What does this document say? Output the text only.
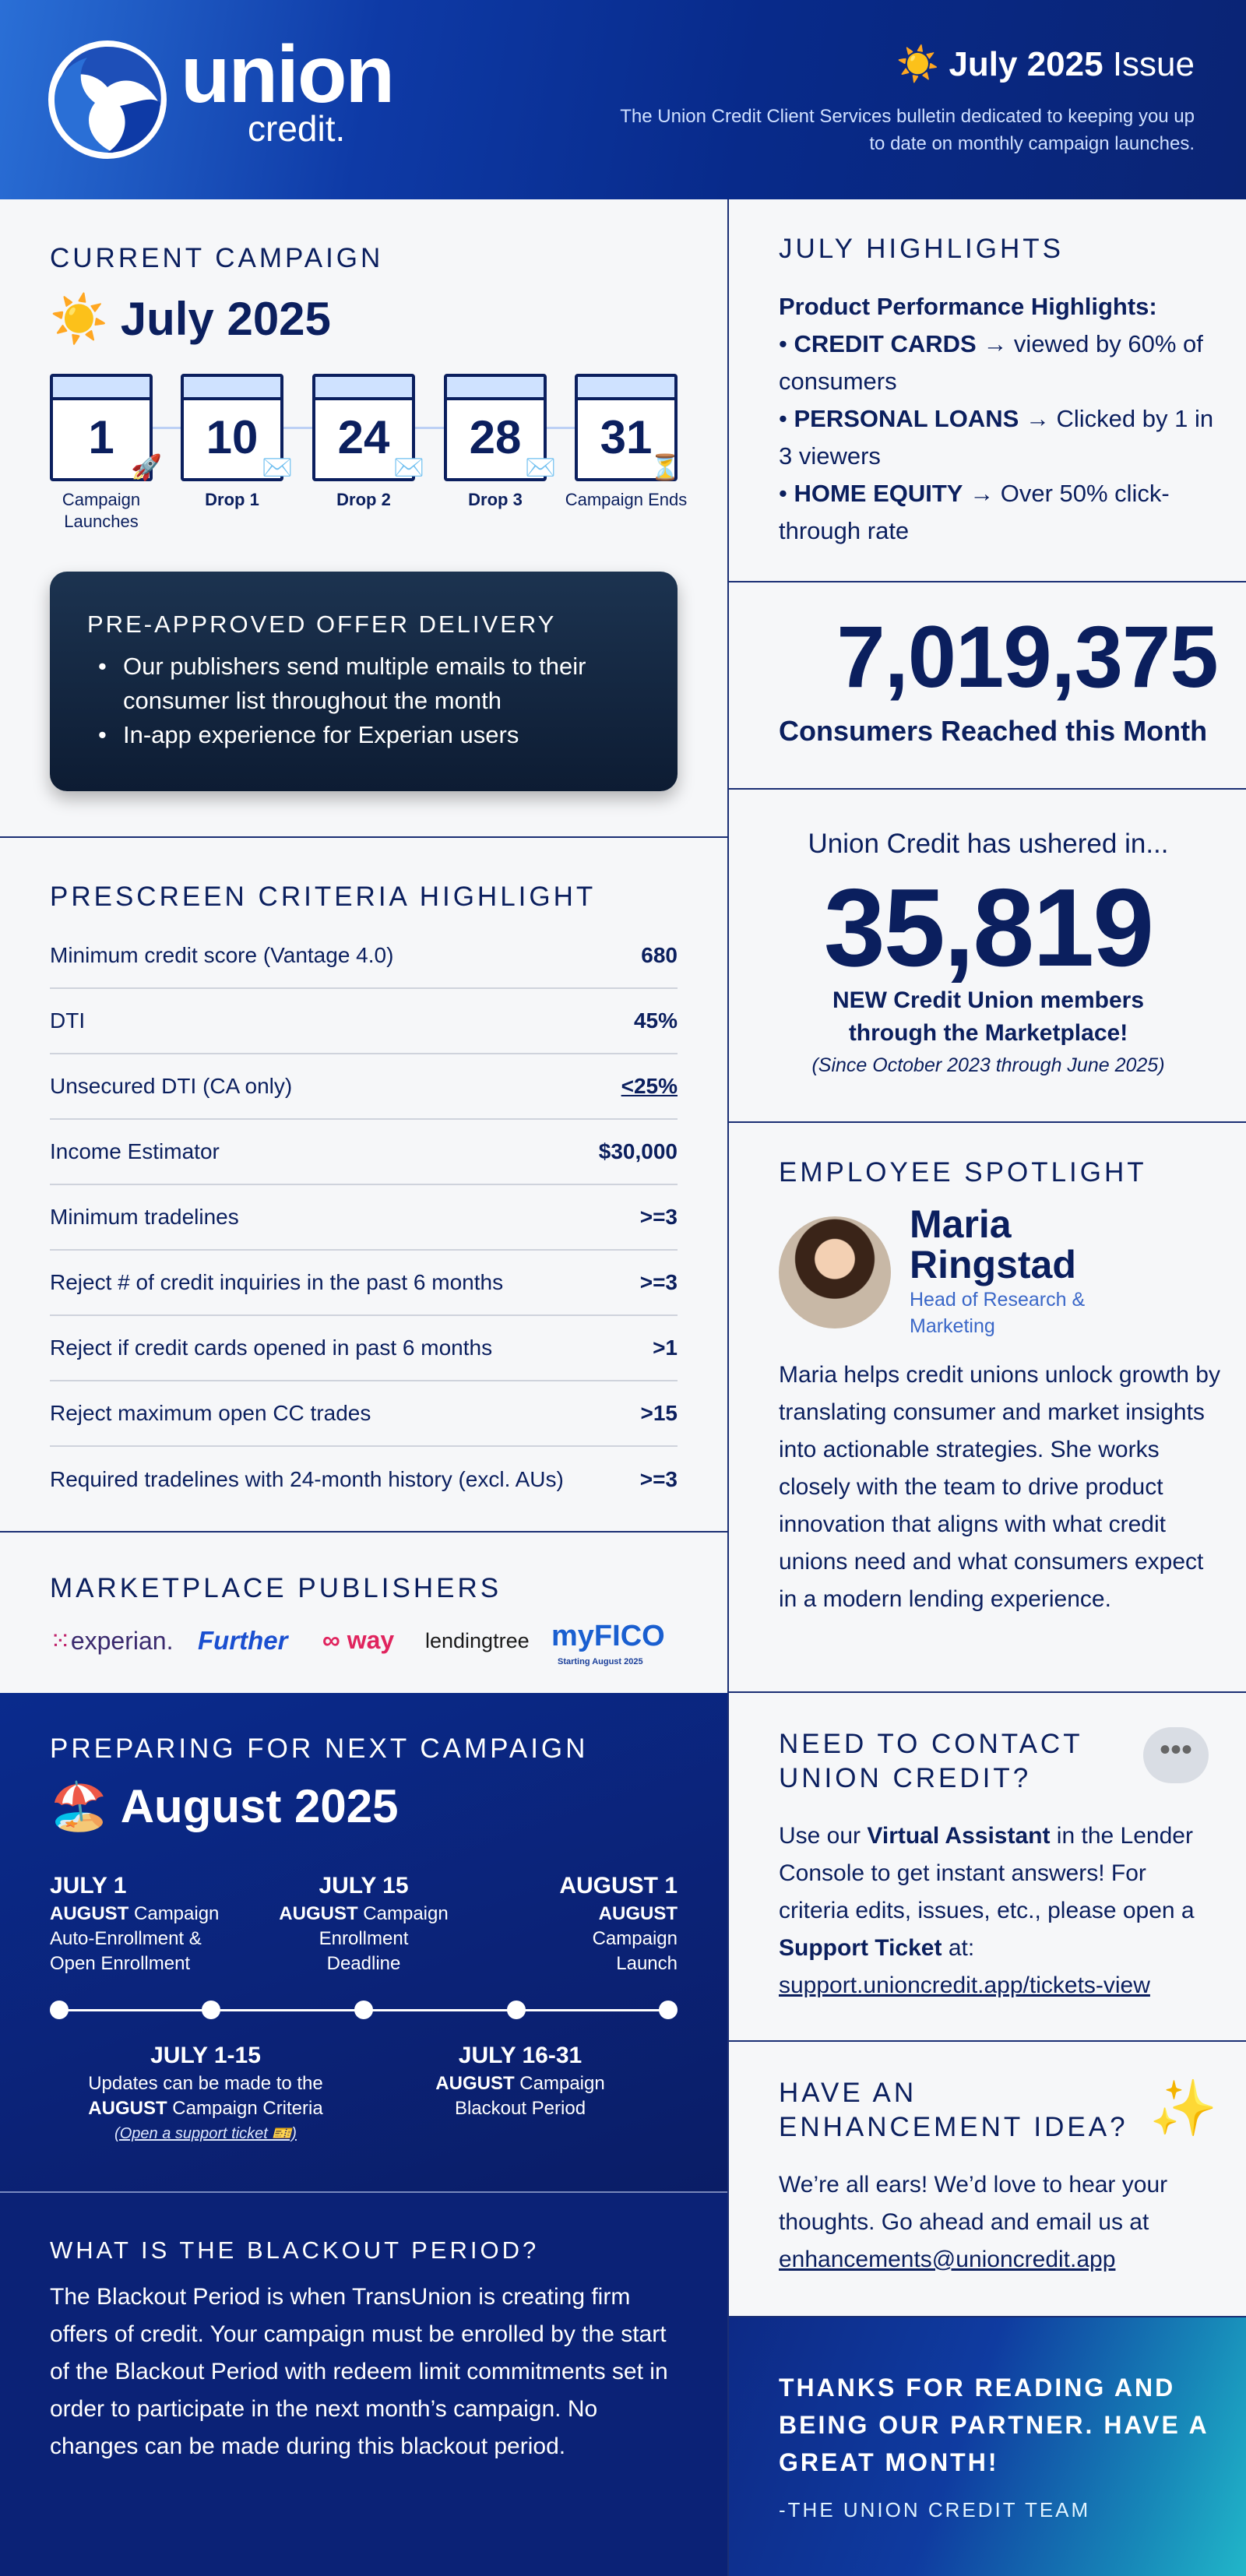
union
credit.
☀️ July 2025 Issue
The Union Credit Client Services bulletin dedicated to keeping you up to date on monthly campaign launches.
CURRENT CAMPAIGN
☀️ July 2025
1
🚀
Campaign Launches
10
✉️
Drop 1
24
✉️
Drop 2
28
✉️
Drop 3
31
⏳
Campaign Ends
PRE-APPROVED OFFER DELIVERY
• Our publishers send multiple emails to their consumer list throughout the month
• In-app experience for Experian users
PRESCREEN CRITERIA HIGHLIGHT
Minimum credit score (Vantage 4.0)	680
DTI	45%
Unsecured DTI (CA only)	<25%
Income Estimator	$30,000
Minimum tradelines	>=3
Reject # of credit inquiries in the past 6 months	>=3
Reject if credit cards opened in past 6 months	>1
Reject maximum open CC trades	>15
Required tradelines with 24-month history (excl. AUs)	>=3
MARKETPLACE PUBLISHERS
⁙experian. Further ∞ way lendingtree myFICO
Starting August 2025
JULY HIGHLIGHTS
Product Performance Highlights:
• CREDIT CARDS → viewed by 60% of consumers
• PERSONAL LOANS → Clicked by 1 in 3 viewers
• HOME EQUITY → Over 50% click-through rate
7,019,375
Consumers Reached this Month
Union Credit has ushered in...
35,819
NEW Credit Union members
through the Marketplace!
(Since October 2023 through June 2025)
EMPLOYEE SPOTLIGHT
Maria
Ringstad
Head of Research & Marketing
Maria helps credit unions unlock growth by translating consumer and market insights into actionable strategies. She works closely with the team to drive product innovation that aligns with what credit unions need and what consumers expect in a modern lending experience.
PREPARING FOR NEXT CAMPAIGN
🏖️ August 2025
JULY 1
AUGUST Campaign
Auto-Enrollment &
Open Enrollment
JULY 15
AUGUST Campaign
Enrollment
Deadline
AUGUST 1
AUGUST
Campaign
Launch
JULY 1-15
Updates can be made to the
AUGUST Campaign Criteria
(Open a support ticket 🎫)
JULY 16-31
AUGUST Campaign
Blackout Period
NEED TO CONTACT
UNION CREDIT?
•••
Use our Virtual Assistant in the Lender Console to get instant answers! For criteria edits, issues, etc., please open a Support Ticket at:
support.unioncredit.app/tickets-view
WHAT IS THE BLACKOUT PERIOD?
The Blackout Period is when TransUnion is creating firm offers of credit. Your campaign must be enrolled by the start of the Blackout Period with redeem limit commitments set in order to participate in the next month’s campaign. No changes can be made during this blackout period.
HAVE AN
ENHANCEMENT IDEA? ✨
We’re all ears! We’d love to hear your thoughts. Go ahead and email us at
enhancements@unioncredit.app
THANKS FOR READING AND BEING OUR PARTNER. HAVE A GREAT MONTH!
-THE UNION CREDIT TEAM
